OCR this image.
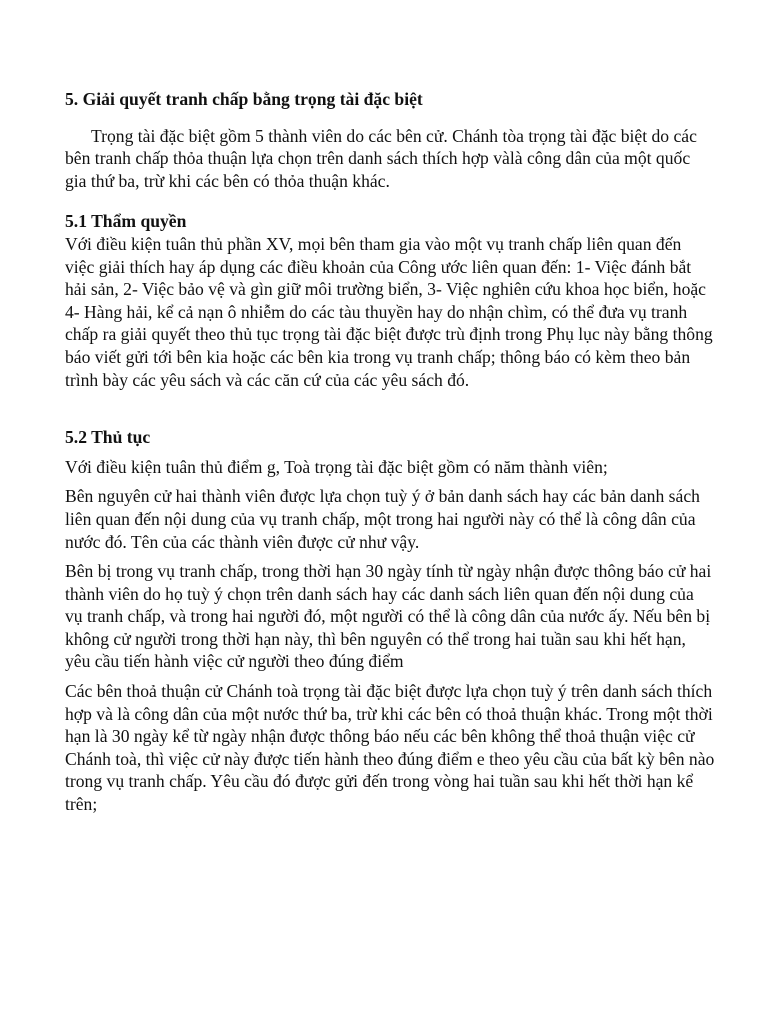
5. Giải quyết tranh chấp bằng trọng tài đặc biệt

Trọng tài đặc biệt gồm 5 thành viên do các bên cử. Chánh tòa trọng tài đặc biệt do các bên tranh chấp thỏa thuận lựa chọn trên danh sách thích hợp vàlà công dân của một quốc gia thứ ba, trừ khi các bên có thỏa thuận khác.

5.1 Thẩm quyền

Với điều kiện tuân thủ phần XV, mọi bên tham gia vào một vụ tranh chấp liên quan đến việc giải thích hay áp dụng các điều khoản của Công ước liên quan đến: 1- Việc đánh bắt hải sản, 2- Việc bảo vệ và gìn giữ môi trường biển, 3- Việc nghiên cứu khoa học biển, hoặc 4- Hàng hải, kể cả nạn ô nhiễm do các tàu thuyền hay do nhận chìm, có thể đưa vụ tranh chấp ra giải quyết theo thủ tục trọng tài đặc biệt được trù định trong Phụ lục này bằng thông báo viết gửi tới bên kia hoặc các bên kia trong vụ tranh chấp; thông báo có kèm theo bản trình bày các yêu sách và các căn cứ của các yêu sách đó.

5.2 Thủ tục

Với điều kiện tuân thủ điểm g, Toà trọng tài đặc biệt gồm có năm thành viên;

Bên nguyên cử hai thành viên được lựa chọn tuỳ ý ở bản danh sách hay các bản danh sách liên quan đến nội dung của vụ tranh chấp, một trong hai người này có thể là công dân của nước đó. Tên của các thành viên được cử như vậy.

Bên bị trong vụ tranh chấp, trong thời hạn 30 ngày tính từ ngày nhận được thông báo cử hai thành viên do họ tuỳ ý chọn trên danh sách hay các danh sách liên quan đến nội dung của vụ tranh chấp, và trong hai người đó, một người có thể là công dân của nước ấy. Nếu bên bị không cử người trong thời hạn này, thì bên nguyên có thể trong hai tuần sau khi hết hạn, yêu cầu tiến hành việc cử người theo đúng điểm

Các bên thoả thuận cử Chánh toà trọng tài đặc biệt được lựa chọn tuỳ ý trên danh sách thích hợp và là công dân của một nước thứ ba, trừ khi các bên có thoả thuận khác. Trong một thời hạn là 30 ngày kể từ ngày nhận được thông báo nếu các bên không thể thoả thuận việc cử Chánh toà, thì việc cử này được tiến hành theo đúng điểm e theo yêu cầu của bất kỳ bên nào trong vụ tranh chấp. Yêu cầu đó được gửi đến trong vòng hai tuần sau khi hết thời hạn kể trên;
